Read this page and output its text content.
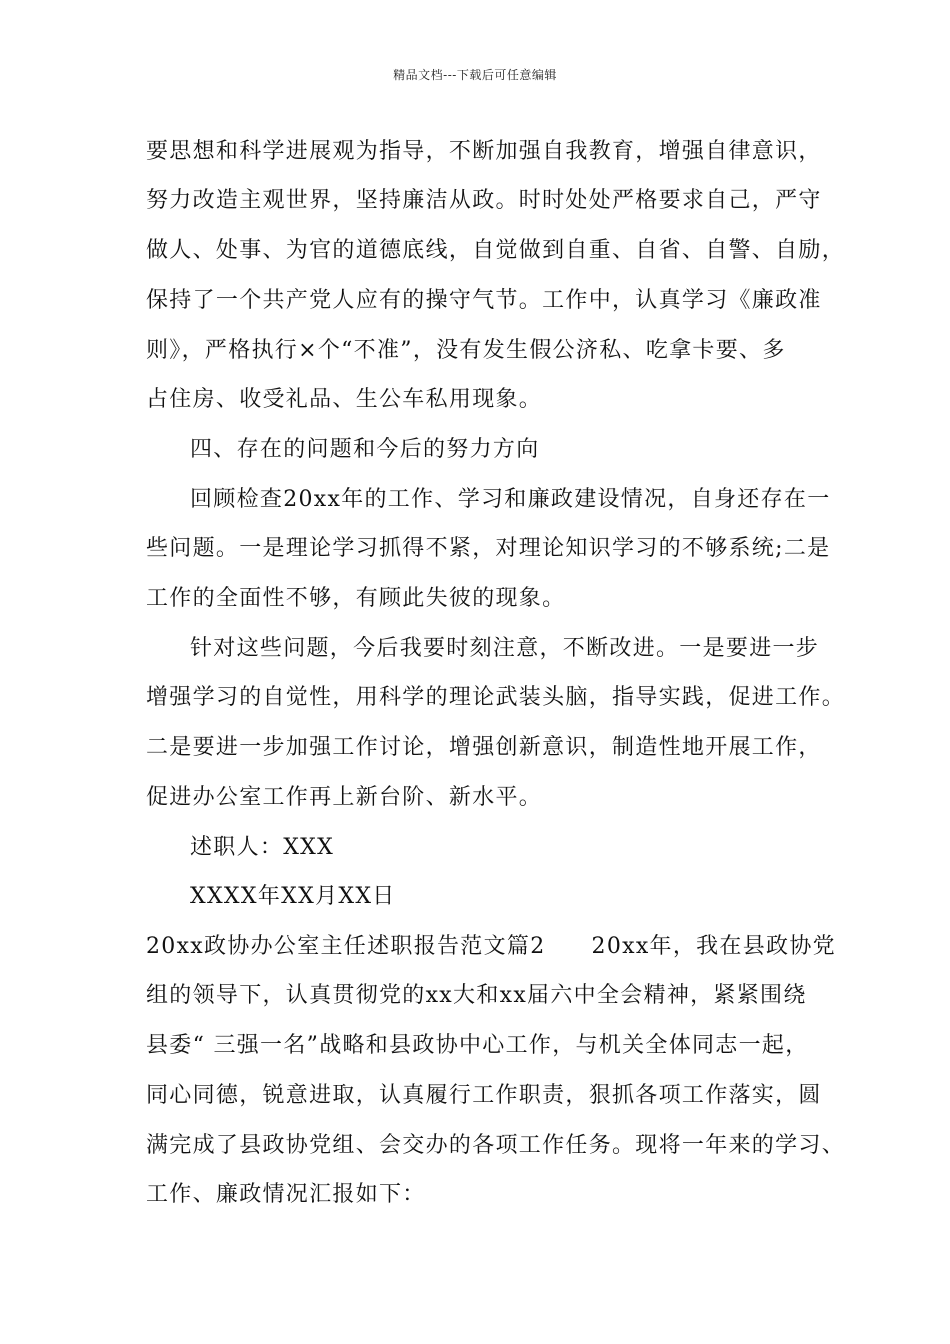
精品文档---下载后可任意编辑
要思想和科学进展观为指导，不断加强自我教育，增强自律意识，
努力改造主观世界，坚持廉洁从政。时时处处严格要求自己，严守
做人、处事、为官的道德底线，自觉做到自重、自省、自警、自励，
保持了一个共产党人应有的操守气节。工作中，认真学习《廉政准
则》，严格执行×个“不准”，没有发生假公济私、吃拿卡要、多
占住房、收受礼品、生公车私用现象。
四、存在的问题和今后的努力方向
回顾检查20xx年的工作、学习和廉政建设情况，自身还存在一
些问题。一是理论学习抓得不紧，对理论知识学习的不够系统;二是
工作的全面性不够，有顾此失彼的现象。
针对这些问题，今后我要时刻注意，不断改进。一是要进一步
增强学习的自觉性，用科学的理论武装头脑，指导实践，促进工作。
二是要进一步加强工作讨论，增强创新意识，制造性地开展工作，
促进办公室工作再上新台阶、新水平。
述职人：XXX
XXXX年XX月XX日
20xx政协办公室主任述职报告范文篇2 20xx年，我在县政协党
组的领导下，认真贯彻党的xx大和xx届六中全会精神，紧紧围绕
县委“ 三强一名”战略和县政协中心工作，与机关全体同志一起，
同心同德，锐意进取，认真履行工作职责，狠抓各项工作落实，圆
满完成了县政协党组、会交办的各项工作任务。现将一年来的学习、
工作、廉政情况汇报如下：
